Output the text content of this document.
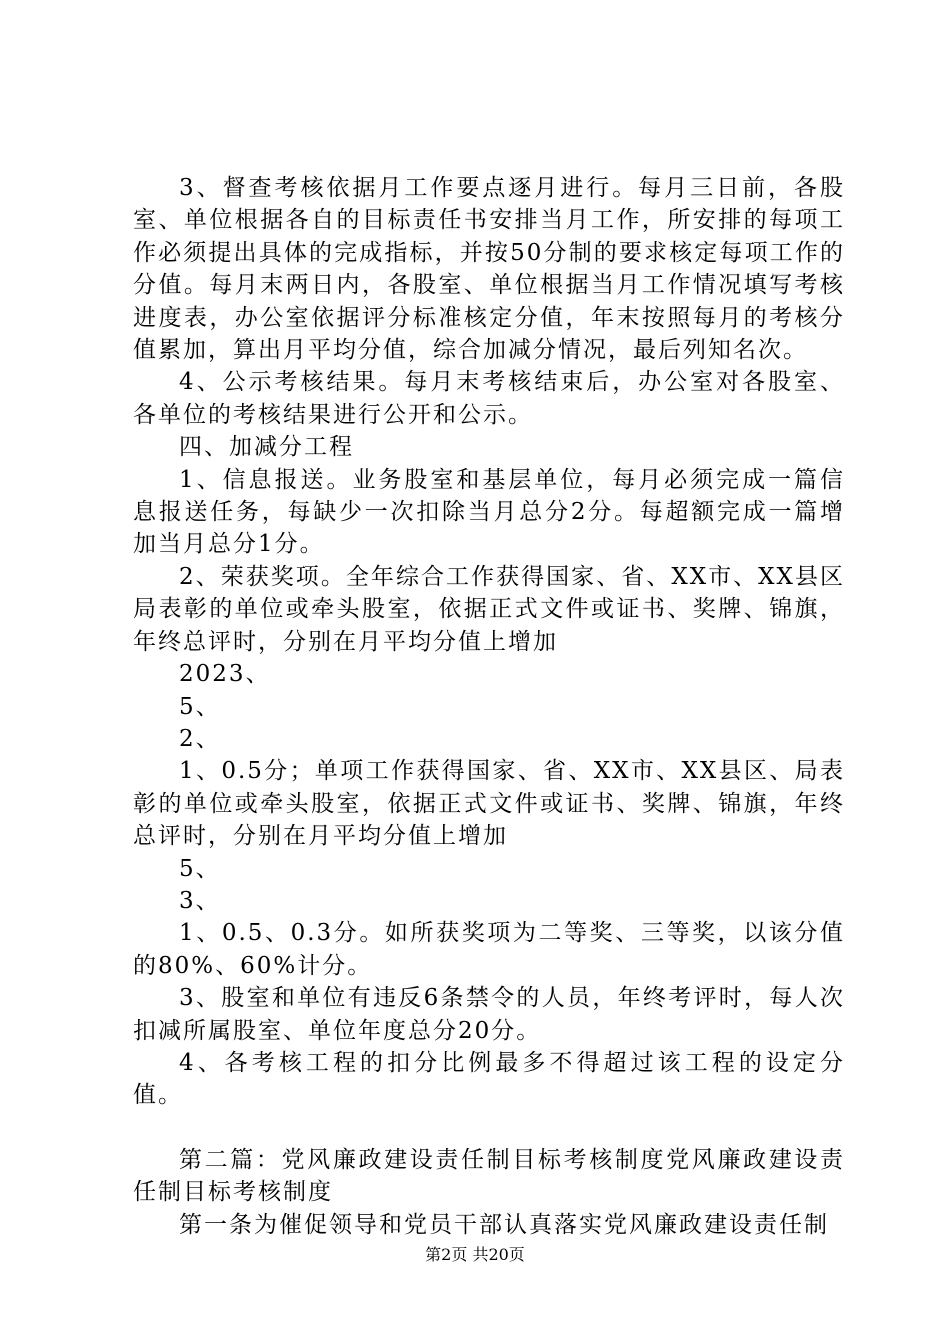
3、督查考核依据月工作要点逐月进行。每月三日前，各股室、单位根据各自的目标责任书安排当月工作，所安排的每项工作必须提出具体的完成指标，并按50分制的要求核定每项工作的分值。每月末两日内，各股室、单位根据当月工作情况填写考核进度表，办公室依据评分标准核定分值，年末按照每月的考核分值累加，算出月平均分值，综合加减分情况，最后列知名次。

4、公示考核结果。每月末考核结束后，办公室对各股室、各单位的考核结果进行公开和公示。

四、加减分工程

1、信息报送。业务股室和基层单位，每月必须完成一篇信息报送任务，每缺少一次扣除当月总分2分。每超额完成一篇增加当月总分1分。

2、荣获奖项。全年综合工作获得国家、省、XX市、XX县区局表彰的单位或牵头股室，依据正式文件或证书、奖牌、锦旗，年终总评时，分别在月平均分值上增加

2023、

5、

2、

1、0.5分；单项工作获得国家、省、XX市、XX县区、局表彰的单位或牵头股室，依据正式文件或证书、奖牌、锦旗，年终总评时，分别在月平均分值上增加

5、

3、

1、0.5、0.3分。如所获奖项为二等奖、三等奖，以该分值的80%、60%计分。

3、股室和单位有违反6条禁令的人员，年终考评时，每人次扣减所属股室、单位年度总分20分。

4、各考核工程的扣分比例最多不得超过该工程的设定分值。

第二篇：党风廉政建设责任制目标考核制度党风廉政建设责任制目标考核制度

第一条为催促领导和党员干部认真落实党风廉政建设责任制

第2页 共20页
